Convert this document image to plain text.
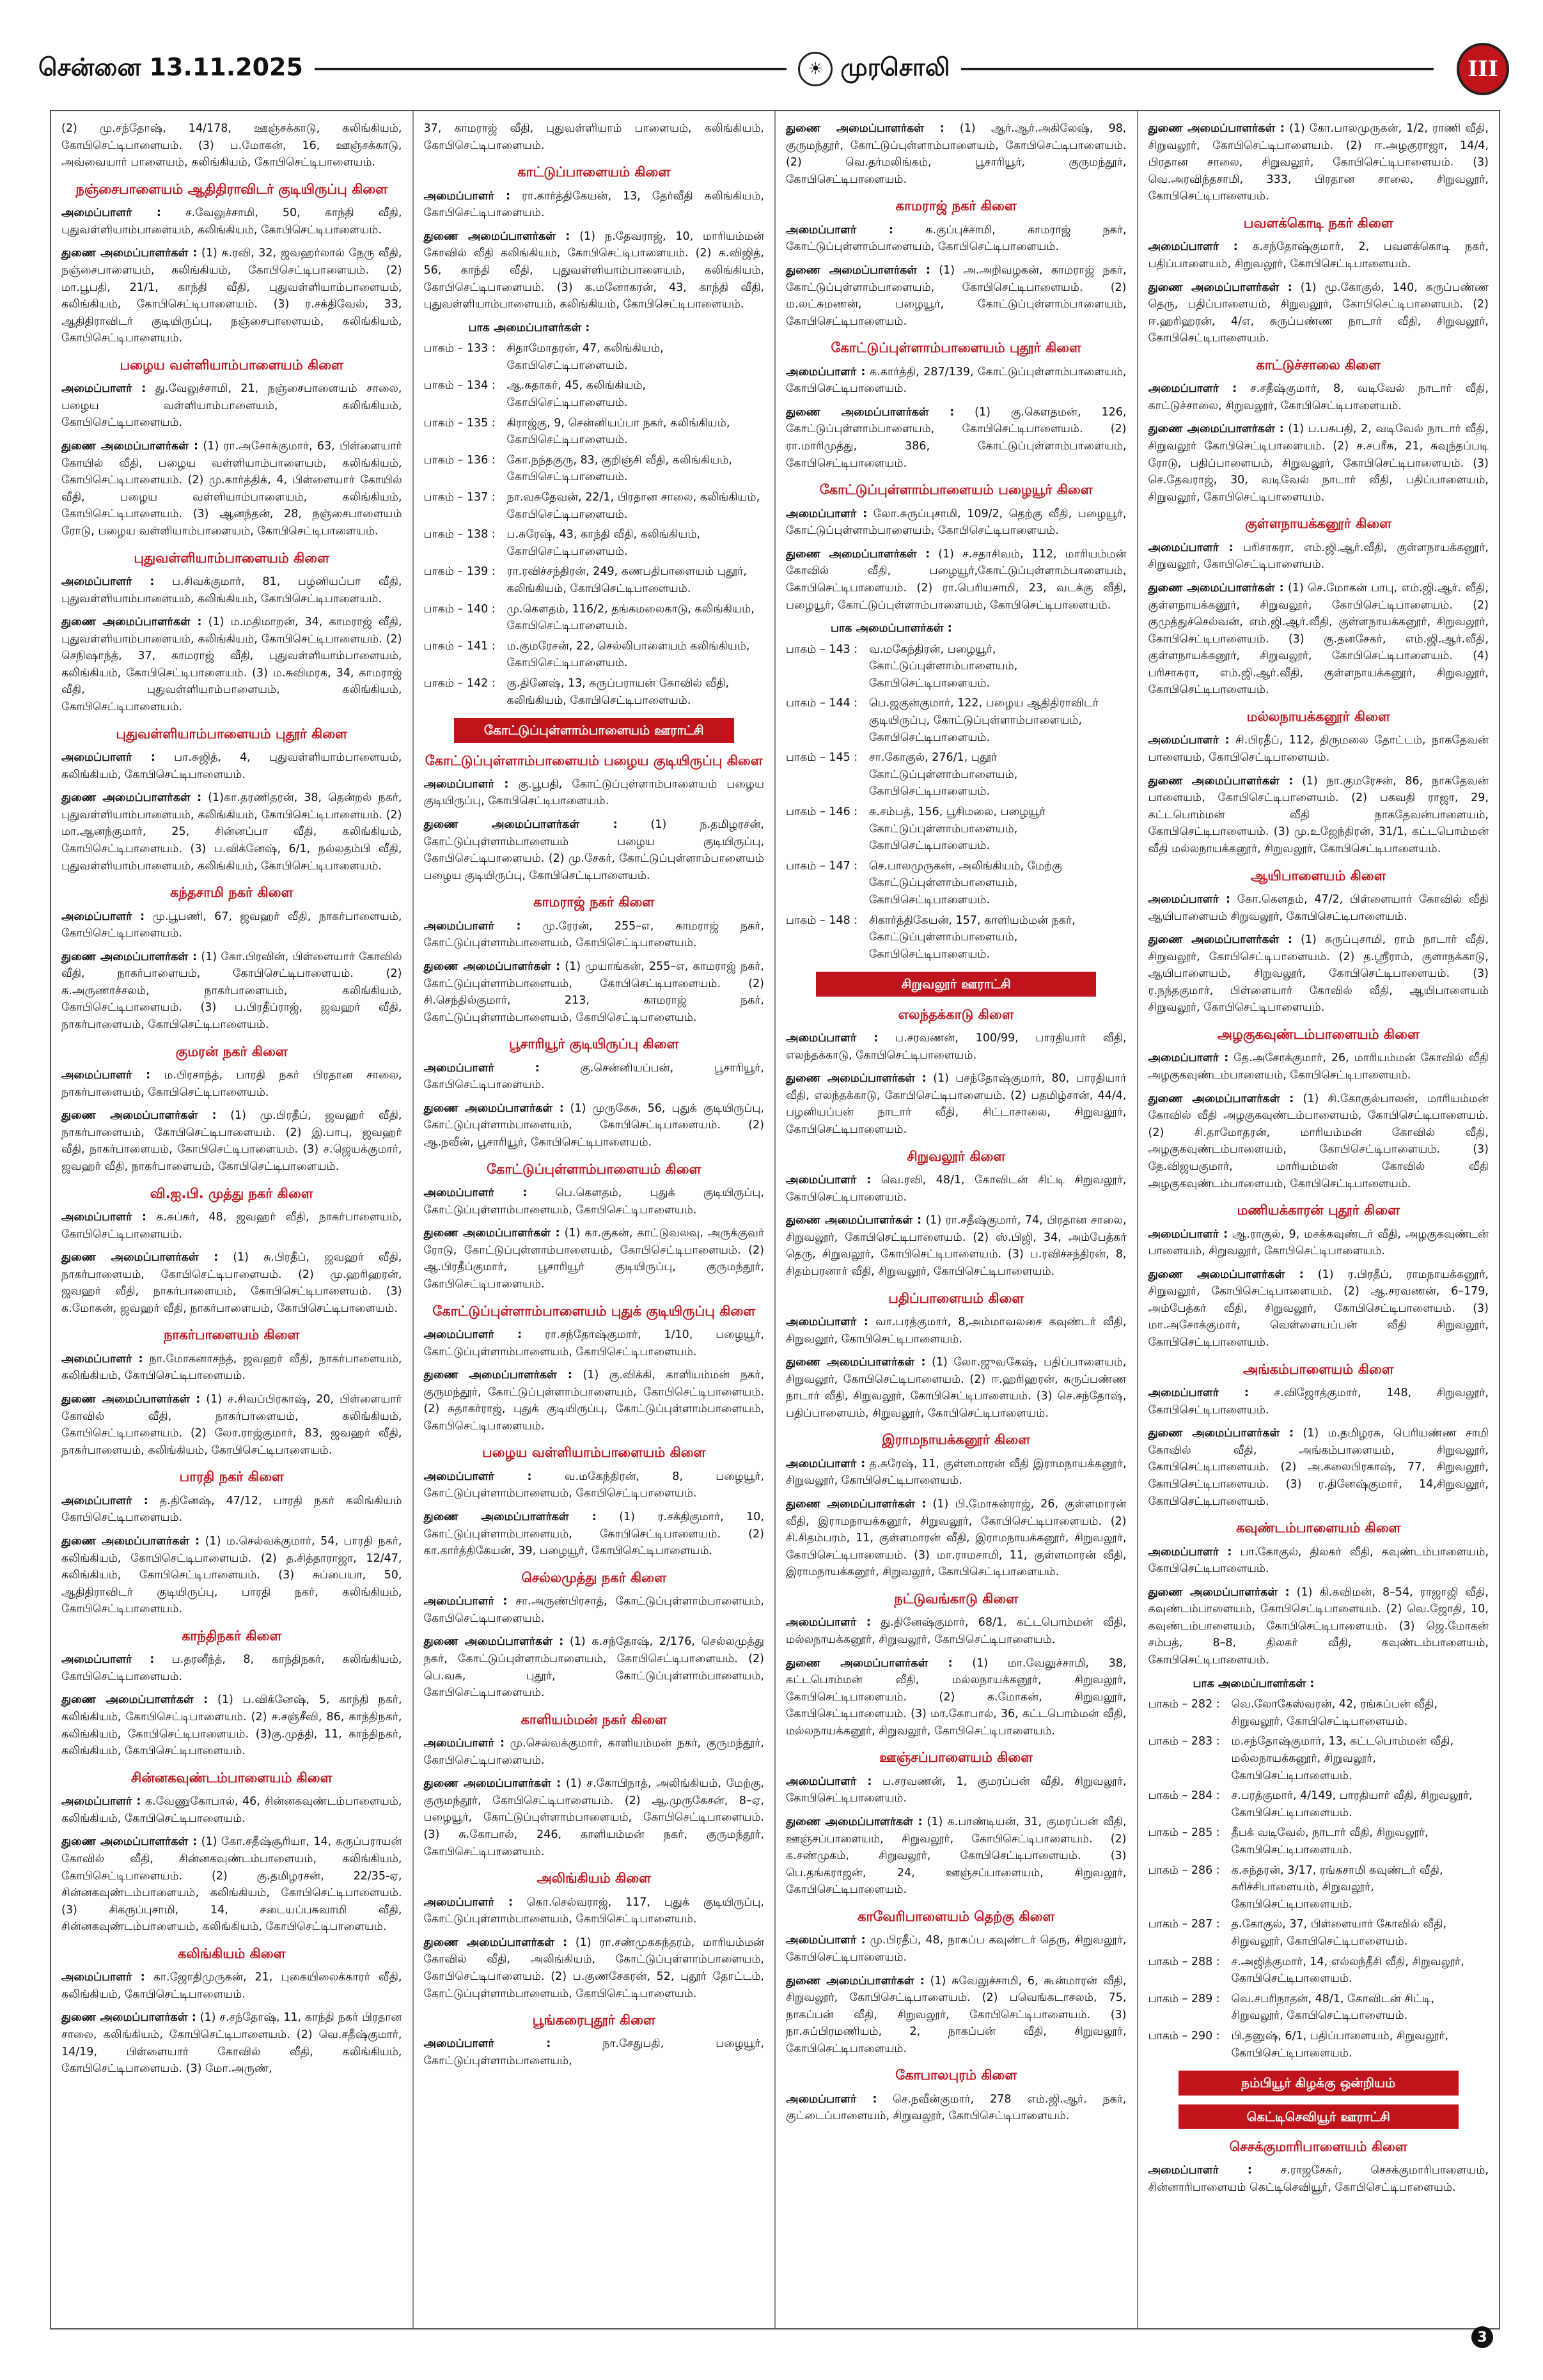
சென்னை 13.11.2025	☀ முரசொலி	III

(2) மு.சந்தோஷ், 14/178, ஊஞ்சக்காடு, கலிங்கியம், கோபிசெட்டிபாளையம். (3) ப.மோகன், 16, ஊஞ்சக்காடு, அவ்வையார் பாளையம், கலிங்கியம், கோபிசெட்டிபாளையம்.

நஞ்சைபாளையம் ஆதிதிராவிடர் குடியிருப்பு கிளை

அமைப்பாளர் : ச.வேலுச்சாமி, 50, காந்தி வீதி, புதுவள்ளியாம்பாளையம், கலிங்கியம், கோபிசெட்டிபாளையம்.

துணை அமைப்பாளர்கள் : (1) க.ரவி, 32, ஜவஹர்லால் நேரு வீதி, நஞ்சைபாளையம், கலிங்கியம், கோபிசெட்டிபாளையம். (2) மா.பூபதி, 21/1, காந்தி வீதி, புதுவள்ளியாம்பாளையம், கலிங்கியம், கோபிசெட்டிபாளையம். (3) ர.சக்திவேல், 33, ஆதிதிராவிடர் குடியிருப்பு, நஞ்சைபாளையம், கலிங்கியம், கோபிசெட்டிபாளையம்.

பழைய வள்ளியாம்பாளையம் கிளை

அமைப்பாளர் : து.வேலுச்சாமி, 21, நஞ்சைபாளையம் சாலை, பழைய வள்ளியாம்பாளையம், கலிங்கியம், கோபிசெட்டிபாளையம்.

துணை அமைப்பாளர்கள் : (1) ரா.அசோக்குமார், 63, பிள்ளையார் கோயில் வீதி, பழைய வள்ளியாம்பாளையம், கலிங்கியம், கோபிசெட்டிபாளையம். (2) மு.கார்த்திக், 4, பிள்ளையார் கோயில் வீதி, பழைய வள்ளியாம்பாளையம், கலிங்கியம், கோபிசெட்டிபாளையம். (3) ஆனந்தன், 28, நஞ்சைபாளையம் ரோடு, பழைய வள்ளியாம்பாளையம், கோபிசெட்டிபாளையம்.

புதுவள்ளியாம்பாளையம் கிளை

அமைப்பாளர் : ப.சிவக்குமார், 81, பழனியப்பா வீதி, புதுவள்ளியாம்பாளையம், கலிங்கியம், கோபிசெட்டிபாளையம்.

துணை அமைப்பாளர்கள் : (1) ம.மதிமாறன், 34, காமராஜ் வீதி, புதுவள்ளியாம்பாளையம், கலிங்கியம், கோபிசெட்டிபாளையம். (2) செநிஷாந்த், 37, காமராஜ் வீதி, புதுவள்ளியாம்பாளையம், கலிங்கியம், கோபிசெட்டிபாளையம். (3) ம.சுவிமரக, 34, காமராஜ் வீதி, புதுவள்ளியாம்பாளையம், கலிங்கியம், கோபிசெட்டிபாளையம்.

புதுவள்ளியாம்பாளையம் புதூர் கிளை

அமைப்பாளர் : பா.சுஜித், 4, புதுவள்ளியாம்பாளையம், கலிங்கியம், கோபிசெட்டிபாளையம்.

துணை அமைப்பாளர்கள் : (1)கா.தரணிதரன், 38, தென்றல் நகர், புதுவள்ளியாம்பாளையம், கலிங்கியம், கோபிசெட்டிபாளையம். (2) மா.ஆனந்குமார், 25, சின்னப்பா வீதி, கலிங்கியம், கோபிசெட்டிபாளையம். (3) ப.விக்னேஷ், 6/1, நல்லதம்பி வீதி, புதுவள்ளியாம்பாளையம், கலிங்கியம், கோபிசெட்டிபாளையம்.

கந்தசாமி நகர் கிளை

அமைப்பாளர் : மு.பூபணி, 67, ஜவஹர் வீதி, நாகர்பாளையம், கோபிசெட்டிபாளையம்.

துணை அமைப்பாளர்கள் : (1) கோ.பிரவின், பிள்ளையார் கோவில் வீதி, நாகர்பாளையம், கோபிசெட்டிபாளையம். (2) சு.அருணாச்சலம், நாகர்பாளையம், கலிங்கியம், கோபிசெட்டிபாளையம். (3) ப.பிரதீப்ராஜ், ஜவஹர் வீதி, நாகர்பாளையம், கோபிசெட்டிபாளையம்.

குமரன் நகர் கிளை

அமைப்பாளர் : ம.பிரசாந்த், பாரதி நகர் பிரதான சாலை, நாகர்பாளையம், கோபிசெட்டிபாளையம்.

துணை அமைப்பாளர்கள் : (1) மு.பிரதீப், ஜவஹர் வீதி, நாகர்பாளையம், கோபிசெட்டிபாளையம். (2) இ.பாபு, ஜவஹர் வீதி, நாகர்பாளையம், கோபிசெட்டிபாளையம். (3) ச.ஜெயக்குமார், ஜவஹர் வீதி, நாகர்பாளையம், கோபிசெட்டிபாளையம்.

வி.ஐ.பி. முத்து நகர் கிளை

அமைப்பாளர் : க.சுப்கர், 48, ஜவஹர் வீதி, நாகர்பாளையம், கோபிசெட்டிபாளையம்.

துணை அமைப்பாளர்கள் : (1) சு.பிரதீப், ஜவஹர் வீதி, நாகர்பாளையம், கோபிசெட்டிபாளையம். (2) மு.ஹரிஹரன், ஜவஹர் வீதி, நாகர்பாளையம், கோபிசெட்டிபாளையம். (3) க.மோகன், ஜவஹர் வீதி, நாகர்பாளையம், கோபிசெட்டிபாளையம்.

நாகர்பாளையம் கிளை

அமைப்பாளர் : நா.மோகனாசந்த், ஜவஹர் வீதி, நாகர்பாளையம், கலிங்கியம், கோபிசெட்டிபாளையம்.

துணை அமைப்பாளர்கள் : (1) ச.சிவப்பிரகாஷ், 20, பிள்ளையார் கோவில் வீதி, நாகர்பாளையம், கலிங்கியம், கோபிசெட்டிபாளையம். (2) லோ.ராஜ்குமார், 83, ஜவஹர் வீதி, நாகர்பாளையம், கலிங்கியம், கோபிசெட்டிபாளையம்.

பாரதி நகர் கிளை

அமைப்பாளர் : த.தினேஷ், 47/12, பாரதி நகர் கலிங்கியம் கோபிசெட்டிபாளையம்.

துணை அமைப்பாளர்கள் : (1) ம.செல்வக்குமார், 54, பாரதி நகர், கலிங்கியம், கோபிசெட்டிபாளையம். (2) த.சித்தாராஜா, 12/47, கலிங்கியம், கோபிசெட்டிபாளையம். (3) சுப்பையா, 50, ஆதிதிராவிடர் குடியிருப்பு, பாரதி நகர், கலிங்கியம், கோபிசெட்டிபாளையம்.

காந்திநகர் கிளை

அமைப்பாளர் : ப.தரனீந்த், 8, காந்திநகர், கலிங்கியம், கோபிசெட்டிபாளையம்.

துணை அமைப்பாளர்கள் : (1) ப.விக்னேஷ், 5, காந்தி நகர், கலிங்கியம், கோபிசெட்டிபாளையம். (2) ச.சஞ்சீவி, 86, காந்திநகர், கலிங்கியம், கோபிசெட்டிபாளையம். (3)கு.முத்தி, 11, காந்திநகர், கலிங்கியம், கோபிசெட்டிபாளையம்.

சின்னகவுண்டம்பாளையம் கிளை

அமைப்பாளர் : க.வேணுகோபால், 46, சின்னகவுண்டம்பாளையம், கலிங்கியம், கோபிசெட்டிபாளையம்.

துணை அமைப்பாளர்கள் : (1) கோ.சதீஷ்சூரியா, 14, சுருப்பராயன் கோவில் வீதி, சின்னகவுண்டம்பாளையம், கலிங்கியம், கோபிசெட்டிபாளையம். (2) கு.தமிழரசன், 22/35-ஏ, சின்னகவுண்டம்பாளையம், கலிங்கியம், கோபிசெட்டிபாளையம். (3) சிகருப்புசாமி, 14, சடையப்பசுவாமி வீதி, சின்னகவுண்டம்பாளையம், கலிங்கியம், கோபிசெட்டிபாளையம்.

கலிங்கியம் கிளை

அமைப்பாளர் : கா.ஜோதிமுருகன், 21, புகையிலைக்காரர் வீதி, கலிங்கியம், கோபிசெட்டிபாளையம்.

துணை அமைப்பாளர்கள் : (1) ச.சந்தோஷ், 11, காந்தி நகர் பிரதான சாலை, கலிங்கியம், கோபிசெட்டிபாளையம். (2) வெ.சதீஷ்குமார், 14/19, பிள்ளையார் கோவில் வீதி, கலிங்கியம், கோபிசெட்டிபாளையம். (3) மோ.அருண்,

37, காமராஜ் வீதி, புதுவள்ளியாம் பாளையம், கலிங்கியம், கோபிசெட்டிபாளையம்.

காட்டுப்பாளையம் கிளை

அமைப்பாளர் : ரா.கார்த்திகேயன், 13, தேர்வீதி கலிங்கியம், கோபிசெட்டிபாளையம்.

துணை அமைப்பாளர்கள் : (1) ந.தேவராஜ், 10, மாரியம்மன் கோவில் வீதி கலிங்கியம், கோபிசெட்டிபாளையம். (2) க.விஜித், 56, காந்தி வீதி, புதுவள்ளியாம்பாளையம், கலிங்கியம், கோபிசெட்டிபாளையம். (3) க.மனோகரன், 43, காந்தி வீதி, புதுவள்ளியாம்பாளையம், கலிங்கியம், கோபிசெட்டிபாளையம்.

பாக அமைப்பாளர்கள் :
பாகம் – 133 :	சிதாமோதரன், 47, கலிங்கியம், கோபிசெட்டிபாளையம்.
பாகம் – 134 :	ஆ.கதாகர், 45, கலிங்கியம், கோபிசெட்டிபாளையம்.
பாகம் – 135 :	கிராஜ்கு, 9, சென்னியப்பா நகர், கலிங்கியம், கோபிசெட்டிபாளையம்.
பாகம் – 136 :	கோ.நந்தகுரு, 83, குறிஞ்சி வீதி, கலிங்கியம், கோபிசெட்டிபாளையம்.
பாகம் – 137 :	நா.வசுதேவன், 22/1, பிரதான சாலை, கலிங்கியம், கோபிசெட்டிபாளையம்.
பாகம் – 138 :	ப.சுரேஷ், 43, காந்தி வீதி, கலிங்கியம், கோபிசெட்டிபாளையம்.
பாகம் – 139 :	ரா.ரவிச்சந்திரன், 249, கணபதிபாளையம் புதூர், கலிங்கியம், கோபிசெட்டிபாளையம்.
பாகம் – 140 :	மு.கௌதம், 116/2, தங்கமலைகாடு, கலிங்கியம், கோபிசெட்டிபாளையம்.
பாகம் – 141 :	ம.குமரேசன், 22, செல்லிபாளையம் கலிங்கியம், கோபிசெட்டிபாளையம்.
பாகம் – 142 :	கு.தினேஷ், 13, சுருப்பராயன் கோவில் வீதி, கலிங்கியம், கோபிசெட்டிபாளையம்.
கோட்டுப்புள்ளாம்பாளையம் ஊராட்சி
கோட்டுப்புள்ளாம்பாளையம் பழைய குடியிருப்பு கிளை

அமைப்பாளர் : கு.பூபதி, கோட்டுப்புள்ளாம்பாளையம் பழைய குடியிருப்பு, கோபிசெட்டிபாளையம்.

துணை அமைப்பாளர்கள் : (1) ந.தமிழரசன், கோட்டுப்புள்ளாம்பாளையம் பழைய குடியிருப்பு, கோபிசெட்டிபாளையம். (2) மு.சேகர், கோட்டுப்புள்ளாம்பாளையம் பழைய குடியிருப்பு, கோபிசெட்டிபாளையம்.

காமராஜ் நகர் கிளை

அமைப்பாளர் : மு.ரேரன், 255–எ, காமராஜ் நகர், கோட்டுப்புள்ளாம்பாளையம், கோபிசெட்டிபாளையம்.

துணை அமைப்பாளர்கள் : (1) முயாங்கன், 255–எ, காமராஜ் நகர், கோட்டுப்புள்ளாம்பாளையம், கோபிசெட்டிபாளையம். (2) சி.செந்தில்குமார், 213, காமராஜ் நகர், கோட்டுப்புள்ளாம்பாளையம், கோபிசெட்டிபாளையம்.

பூசாரியூர் குடியிருப்பு கிளை

அமைப்பாளர் : கு.சென்னியப்பன், பூசாரியூர், கோபிசெட்டிபாளையம்.

துணை அமைப்பாளர்கள் : (1) முருகேசு, 56, புதுக் குடியிருப்பு, கோட்டுப்புள்ளாம்பாளையம், கோபிசெட்டிபாளையம். (2) ஆ.நவீன், பூசாரியூர், கோபிசெட்டிபாளையம்.

கோட்டுப்புள்ளாம்பாளையம் கிளை

அமைப்பாளர் : பெ.கௌதம், புதுக் குடியிருப்பு, கோட்டுப்புள்ளாம்பாளையம், கோபிசெட்டிபாளையம்.

துணை அமைப்பாளர்கள் : (1) கா.குகன், காட்டுவலவு, அருக்குவர் ரோடு, கோட்டுப்புள்ளாம்பாளையம், கோபிசெட்டிபாளையம். (2) ஆ.பிரதீப்குமார், பூசாரியூர் குடியிருப்பு, குருமந்தூர், கோபிசெட்டிபாளையம்.

கோட்டுப்புள்ளாம்பாளையம் புதுக் குடியிருப்பு கிளை

அமைப்பாளர் : ரா.சந்தோஷ்குமார், 1/10, பழையூர், கோட்டுப்புள்ளாம்பாளையம், கோபிசெட்டிபாளையம்.

துணை அமைப்பாளர்கள் : (1) கு.விக்கி, காளியம்மன் நகர், குருமந்தூர், கோட்டுப்புள்ளாம்பாளையம், கோபிசெட்டிபாளையம். (2) சுதாகர்ராஜ், புதுக் குடியிருப்பு, கோட்டுப்புள்ளாம்பாளையம், கோபிசெட்டிபாளையம்.

பழைய வள்ளியாம்பாளையம் கிளை

அமைப்பாளர் : வ.மகேந்திரன், 8, பழையூர், கோட்டுப்புள்ளாம்பாளையம், கோபிசெட்டிபாளையம்.

துணை அமைப்பாளர்கள் : (1) ர.சக்திகுமார், 10, கோட்டுப்புள்ளாம்பாளையம், கோபிசெட்டிபாளையம். (2) கா.கார்த்திகேயன், 39, பழையூர், கோபிசெட்டிபாளையம்.

செல்லமுத்து நகர் கிளை

அமைப்பாளர் : சா.அருண்பிரசாத், கோட்டுப்புள்ளாம்பாளையம், கோபிசெட்டிபாளையம்.

துணை அமைப்பாளர்கள் : (1) க.சந்தோஷ், 2/176, செல்லமுத்து நகர், கோட்டுப்புள்ளாம்பாளையம், கோபிசெட்டிபாளையம். (2) பெ.வசு, புதூர், கோட்டுப்புள்ளாம்பாளையம், கோபிசெட்டிபாளையம்.

காளியம்மன் நகர் கிளை

அமைப்பாளர் : மு.செல்வக்குமார், காளியம்மன் நகர், குருமந்தூர், கோபிசெட்டிபாளையம்.

துணை அமைப்பாளர்கள் : (1) ச.கோபிநாத், அலிங்கியம், மேற்கு, குருமந்தூர், கோபிசெட்டிபாளையம். (2) ஆ.முருகேசன், 8–ஏ, பழையூர், கோட்டுப்புள்ளாம்பாளையம், கோபிசெட்டிபாளையம். (3) சு.கோபால், 246, காளியம்மன் நகர், குருமந்தூர், கோபிசெட்டிபாளையம்.

அலிங்கியம் கிளை

அமைப்பாளர் : கொ.செல்வராஜ், 117, புதுக் குடியிருப்பு, கோட்டுப்புள்ளாம்பாளையம், கோபிசெட்டிபாளையம்.

துணை அமைப்பாளர்கள் : (1) ரா.சண்முகசுந்தரம், மாரியம்மன் கோவில் வீதி, அலிங்கியம், கோட்டுப்புள்ளாம்பாளையம், கோபிசெட்டிபாளையம். (2) ப.குணசேகரன், 52, புதூர் தோட்டம், கோட்டுப்புள்ளாம்பாளையம், கோபிசெட்டிபாளையம்.

பூங்கரைபுதூர் கிளை

அமைப்பாளர் : நா.சேதுபதி, பழையூர், கோட்டுப்புள்ளாம்பாளையம்,

துணை அமைப்பாளர்கள் : (1) ஆர்.ஆர்.அகிலேஷ், 98, குருமந்தூர், கோட்டுப்புள்ளாம்பாளையம், கோபிசெட்டிபாளையம். (2) வெ.தர்மலிங்கம், பூசாரியூர், குருமந்தூர், கோபிசெட்டிபாளையம்.

காமராஜ் நகர் கிளை

அமைப்பாளர் : க.குப்புச்சாமி, காமராஜ் நகர், கோட்டுப்புள்ளாம்பாளையம், கோபிசெட்டிபாளையம்.

துணை அமைப்பாளர்கள் : (1) அ.அறிவழகன், காமராஜ் நகர், கோட்டுப்புள்ளாம்பாளையம், கோபிசெட்டிபாளையம். (2) ம.லட்சுமணன், பழையூர், கோட்டுப்புள்ளாம்பாளையம், கோபிசெட்டிபாளையம்.

கோட்டுப்புள்ளாம்பாளையம் புதூர் கிளை

அமைப்பாளர் : க.கார்த்தி, 287/139, கோட்டுப்புள்ளாம்பாளையம், கோபிசெட்டிபாளையம்.

துணை அமைப்பாளர்கள் : (1) கு.கௌதமன், 126, கோட்டுப்புள்ளாம்பாளையம், கோபிசெட்டிபாளையம். (2) ரா.மாரிமுத்து, 386, கோட்டுப்புள்ளாம்பாளையம், கோபிசெட்டிபாளையம்.

கோட்டுப்புள்ளாம்பாளையம் பழையூர் கிளை

அமைப்பாளர் : லோ.சுருப்புசாமி, 109/2, தெற்கு வீதி, பழையூர், கோட்டுப்புள்ளாம்பாளையம், கோபிசெட்டிபாளையம்.

துணை அமைப்பாளர்கள் : (1) ச.சதாசிவம், 112, மாரியம்மன் கோவில் வீதி, பழையூர்,கோட்டுப்புள்ளாம்பாளையம், கோபிசெட்டிபாளையம். (2) ரா.பெரியசாமி, 23, வடக்கு வீதி, பழையூர், கோட்டுப்புள்ளாம்பாளையம், கோபிசெட்டிபாளையம்.

பாக அமைப்பாளர்கள் :
பாகம் – 143 :	வ.மகேந்திரன், பழையூர், கோட்டுப்புள்ளாம்பாளையம், கோபிசெட்டிபாளையம்.
பாகம் – 144 :	பெ.ஜகுன்குமார், 122, பழைய ஆதிதிராவிடர் குடியிருப்பு, கோட்டுப்புள்ளாம்பாளையம், கோபிசெட்டிபாளையம்.
பாகம் – 145 :	சா.கோகுல், 276/1, புதூர் கோட்டுப்புள்ளாம்பாளையம், கோபிசெட்டிபாளையம்.
பாகம் – 146 :	சு.சம்பத், 156, பூசிமலை, பழையூர் கோட்டுப்புள்ளாம்பாளையம், கோபிசெட்டிபாளையம்.
பாகம் – 147 :	செ.பாலமுருகன், அலிங்கியம், மேற்கு கோட்டுப்புள்ளாம்பாளையம், கோபிசெட்டிபாளையம்.
பாகம் – 148 :	சிகார்த்திகேயன், 157, காளியம்மன் நகர், கோட்டுப்புள்ளாம்பாளையம், கோபிசெட்டிபாளையம்.
சிறுவலூர் ஊராட்சி
எலந்தக்காடு கிளை

அமைப்பாளர் : ப.சரவணன், 100/99, பாரதியார் வீதி, எலந்தக்காடு, கோபிசெட்டிபாளையம்.

துணை அமைப்பாளர்கள் : (1) பசந்தோஷ்குமார், 80, பாரதியார் வீதி, எலந்தக்காடு, கோபிசெட்டிபாளையம். (2) பதமிழ்சான், 44/4, பழனியப்பன் நாடார் வீதி, சிட்டாசாலை, சிறுவலூர், கோபிசெட்டிபாளையம்.

சிறுவலூர் கிளை

அமைப்பாளர் : வெ.ரவி, 48/1, கோவிடன் சிட்டி சிறுவலூர், கோபிசெட்டிபாளையம்.

துணை அமைப்பாளர்கள் : (1) ரா.சதீஷ்குமார், 74, பிரதான சாலை, சிறுவலூர், கோபிசெட்டிபாளையம். (2) ஸ்.பிஜி, 34, அம்பேத்கர் தெரு, சிறுவலூர், கோபிசெட்டிபாளையம். (3) ப.ரவிச்சந்திரன், 8, சிதம்பரனார் வீதி, சிறுவலூர், கோபிசெட்டிபாளையம்.

பதிப்பாளையம் கிளை

அமைப்பாளர் : வா.பரத்குமார், 8,அம்மாவலசை கவுண்டர் வீதி, சிறுவலூர், கோபிசெட்டிபாளையம்.

துணை அமைப்பாளர்கள் : (1) லோ.ஜுவகேஷ், பதிப்பாளையம், சிறுவலூர், கோபிசெட்டிபாளையம். (2) ஈ.ஹரிஹரன், சுருப்பண்ண நாடார் வீதி, சிறுவலூர், கோபிசெட்டிபாளையம். (3) செ.சந்தோஷ், பதிப்பாளையம், சிறுவலூர், கோபிசெட்டிபாளையம்.

இராமநாயக்கனூர் கிளை

அமைப்பாளர் : த.சுரேஷ், 11, குள்ளமாரன் வீதி இராமநாயக்கனூர், சிறுவலூர், கோபிசெட்டிபாளையம்.

துணை அமைப்பாளர்கள் : (1) பி.மோகன்ராஜ், 26, குள்ளமாரன் வீதி, இராமநாயக்கனூர், சிறுவலூர், கோபிசெட்டிபாளையம். (2) சி.சிதம்பரம், 11, குள்ளமாரன் வீதி, இராமநாயக்கனூர், சிறுவலூர், கோபிசெட்டிபாளையம். (3) மா.ராமசாமி, 11, குள்ளமாரன் வீதி, இராமநாயக்கனூர், சிறுவலூர், கோபிசெட்டிபாளையம்.

நட்டுவங்காடு கிளை

அமைப்பாளர் : து.தினேஷ்குமார், 68/1, கட்டபொம்மன் வீதி, மல்லநாயக்கனூர், சிறுவலூர், கோபிசெட்டிபாளையம்.

துணை அமைப்பாளர்கள் : (1) மா.வேலுச்சாமி, 38, கட்டபொம்மன் வீதி, மல்லநாயக்கனூர், சிறுவலூர், கோபிசெட்டிபாளையம். (2) க.மோகன், சிறுவலூர், கோபிசெட்டிபாளையம். (3) மா.கோபால், 36, கட்டபொம்மன் வீதி, மல்லநாயக்கனூர், சிறுவலூர், கோபிசெட்டிபாளையம்.

ஊஞ்சப்பாளையம் கிளை

அமைப்பாளர் : ப.சரவணன், 1, குமரப்பன் வீதி, சிறுவலூர், கோபிசெட்டிபாளையம்.

துணை அமைப்பாளர்கள் : (1) க.பாண்டியன், 31, குமரப்பன் வீதி, ஊஞ்சப்பாளையம், சிறுவலூர், கோபிசெட்டிபாளையம். (2) க.சண்முகம், சிறுவலூர், கோபிசெட்டிபாளையம். (3) பெ.தங்கராஜன், 24, ஊஞ்சப்பாளையம், சிறுவலூர், கோபிசெட்டிபாளையம்.

காவேரிபாளையம் தெற்கு கிளை

அமைப்பாளர் : மு.பிரதீப், 48, நாகப்ப கவுண்டர் தெரு, சிறுவலூர், கோபிசெட்டிபாளையம்.

துணை அமைப்பாளர்கள் : (1) சுவேலுச்சாமி, 6, கூன்மாரன் வீதி, சிறுவலூர், கோபிசெட்டிபாளையம். (2) பவெங்கடாசலம், 75, நாகப்பன் வீதி, சிறுவலூர், கோபிசெட்டிபாளையம். (3) நா.சுப்பிரமணியம், 2, நாகப்பன் வீதி, சிறுவலூர், கோபிசெட்டிபாளையம்.

கோபாலபுரம் கிளை

அமைப்பாளர் : செ.நவீன்குமார், 278 எம்.ஜி.ஆர். நகர், குட்டைப்பாளையம், சிறுவலூர், கோபிசெட்டிபாளையம்.

துணை அமைப்பாளர்கள் : (1) கோ.பாலமுருகன், 1/2, ராணி வீதி, சிறுவலூர், கோபிசெட்டிபாளையம். (2) ஈ.அழகுராஜா, 14/4, பிரதான சாலை, சிறுவலூர், கோபிசெட்டிபாளையம். (3) வெ.அரவிந்தசாமி, 333, பிரதான சாலை, சிறுவலூர், கோபிசெட்டிபாளையம்.

பவளக்கொடி நகர் கிளை

அமைப்பாளர் : க.சந்தோஷ்குமார், 2, பவளக்கொடி நகர், பதிப்பாளையம், சிறுவலூர், கோபிசெட்டிபாளையம்.

துணை அமைப்பாளர்கள் : (1) மூ.கோகுல், 140, சுருப்பண்ண தெரு, பதிப்பாளையம், சிறுவலூர், கோபிசெட்டிபாளையம். (2) ஈ.ஹரிஹரன், 4/எ, சுருப்பண்ண நாடார் வீதி, சிறுவலூர், கோபிசெட்டிபாளையம்.

காட்டுச்சாலை கிளை

அமைப்பாளர் : ச.சதீஷ்குமார், 8, வடிவேல் நாடார் வீதி, காட்டுச்சாலை, சிறுவலூர், கோபிசெட்டிபாளையம்.

துணை அமைப்பாளர்கள் : (1) ப.பசுபதி, 2, வடிவேல் நாடார் வீதி, சிறுவலூர் கோபிசெட்டிபாளையம். (2) ச.சபரீசு, 21, சுவுந்தப்படி ரோடு, பதிப்பாளையம், சிறுவலூர், கோபிசெட்டிபாளையம். (3) செ.தேவராஜ், 30, வடிவேல் நாடார் வீதி, பதிப்பாளையம், சிறுவலூர், கோபிசெட்டிபாளையம்.

குள்ளநாயக்கனூர் கிளை

அமைப்பாளர் : பரிசாசுரா, எம்.ஜி.ஆர்.வீதி, குள்ளநாயக்கனூர், சிறுவலூர், கோபிசெட்டிபாளையம்.

துணை அமைப்பாளர்கள் : (1) செ.மோகன் பாபு, எம்.ஜி.ஆர். வீதி, குள்ளநாயக்கனூர், சிறுவலூர், கோபிசெட்டிபாளையம். (2) குமுத்துச்செல்வன், எம்.ஜி.ஆர்.வீதி, குள்ளநாயக்கனூர், சிறுவலூர், கோபிசெட்டிபாளையம். (3) கு.தனசேகர், எம்.ஜி.ஆர்.வீதி, குள்ளநாயக்கனூர், சிறுவலூர், கோபிசெட்டிபாளையம். (4) பரிசாசுரா, எம்.ஜி.ஆர்.வீதி, குள்ளநாயக்கனூர், சிறுவலூர், கோபிசெட்டிபாளையம்.

மல்லநாயக்கனூர் கிளை

அமைப்பாளர் : சி.பிரதீப், 112, திருமலை தோட்டம், நாகதேவன் பாளையம், கோபிசெட்டிபாளையம்.

துணை அமைப்பாளர்கள் : (1) நா.குமரேசன், 86, நாகதேவன் பாளையம், கோபிசெட்டிபாளையம். (2) பகவதி ராஜா, 29, கட்டபொம்மன் வீதி நாகதேவன்பாளையம், கோபிசெட்டிபாளையம். (3) மு.உஜேந்திரன், 31/1, கட்டபொம்மன் வீதி மல்லநாயக்கனூர், சிறுவலூர், கோபிசெட்டிபாளையம்.

ஆயிபாளையம் கிளை

அமைப்பாளர் : கோ.கௌதம், 47/2, பிள்ளையார் கோவில் வீதி ஆயிபாளையம் சிறுவலூர், கோபிசெட்டிபாளையம்.

துணை அமைப்பாளர்கள் : (1) சுருப்புசாமி, ராம் நாடார் வீதி, சிறுவலூர், கோபிசெட்டிபாளையம். (2) த.ஸ்ரீராம், குளாநக்காடு, ஆயிபாளையம், சிறுவலூர், கோபிசெட்டிபாளையம். (3) ர.நந்தகுமார், பிள்ளையார் கோவில் வீதி, ஆயிபாளையம் சிறுவலூர், கோபிசெட்டிபாளையம்.

அழகுகவுண்டம்பாளையம் கிளை

அமைப்பாளர் : தே.அசோக்குமார், 26, மாரியம்மன் கோவில் வீதி அழகுகவுண்டம்பாளையம், கோபிசெட்டிபாளையம்.

துணை அமைப்பாளர்கள் : (1) சி.கோகுல்பாலன், மாரியம்மன் கோவில் வீதி அழகுகவுண்டம்பாளையம், கோபிசெட்டிபாளையம். (2) சி.தாமோதரன், மாரியம்மன் கோவில் வீதி, அழகுகவுண்டம்பாளையம், கோபிசெட்டிபாளையம். (3) தே.விஜயகுமார், மாரியம்மன் கோவில் வீதி அழகுகவுண்டம்பாளையம், கோபிசெட்டிபாளையம்.

மணியக்காரன் புதூர் கிளை

அமைப்பாளர் : ஆ.ராகுல், 9, மசக்கவுண்டர் வீதி, அழகுகவுண்டன் பாளையம், சிறுவலூர், கோபிசெட்டிபாளையம்.

துணை அமைப்பாளர்கள் : (1) ர.பிரதீப், ராமநாயக்கனூர், சிறுவலூர், கோபிசெட்டிபாளையம். (2) ஆ.சரவணன், 6–179, அம்பேத்கர் வீதி, சிறுவலூர், கோபிசெட்டிபாளையம். (3) மா.அசோக்குமார், வெள்ளையப்பன் வீதி சிறுவலூர், கோபிசெட்டிபாளையம்.

அங்கம்பாளையம் கிளை

அமைப்பாளர் : ச.விஜோத்குமார், 148, சிறுவலூர், கோபிசெட்டிபாளையம்.

துணை அமைப்பாளர்கள் : (1) ம.தமிழரசு, பெரியண்ண சாமி கோவில் வீதி, அங்கம்பாளையம், சிறுவலூர், கோபிசெட்டிபாளையம். (2) அ.கலைபிரகாஷ், 77, சிறுவலூர், கோபிசெட்டிபாளையம். (3) ர.தினேஷ்குமார், 14,சிறுவலூர், கோபிசெட்டிபாளையம்.

கவுண்டம்பாளையம் கிளை

அமைப்பாளர் : பா.கோகுல், திலகர் வீதி, கவுண்டம்பாளையம், கோபிசெட்டிபாளையம்.

துணை அமைப்பாளர்கள் : (1) கி.கவிமன், 8–54, ராஜாஜி வீதி, கவுண்டம்பாளையம், கோபிசெட்டிபாளையம். (2) வெ.ஜோதி, 10, கவுண்டம்பாளையம், கோபிசெட்டிபாளையம். (3) ஜெ.மோகன் சம்பத், 8–8, திலகர் வீதி, கவுண்டம்பாளையம், கோபிசெட்டிபாளையம்.

பாக அமைப்பாளர்கள் :
பாகம் – 282 :	வெ.லோகேஸ்வரன், 42, ரங்கப்பன் வீதி, சிறுவலூர், கோபிசெட்டிபாளையம்.
பாகம் – 283 :	ம.சந்தோஷ்குமார், 13, கட்டபொம்மன் வீதி, மல்லநாயக்கனூர், சிறுவலூர், கோபிசெட்டிபாளையம்.
பாகம் – 284 :	ச.பரத்குமார், 4/149, பாரதியார் வீதி, சிறுவலூர், கோபிசெட்டிபாளையம்.
பாகம் – 285 :	தீபக் வடிவேல், நாடார் வீதி, சிறுவலூர், கோபிசெட்டிபாளையம்.
பாகம் – 286 :	க.சுந்தரன், 3/17, ரங்கசாமி கவுண்டர் வீதி, சுரிச்சிபாளையம், சிறுவலூர், கோபிசெட்டிபாளையம்.
பாகம் – 287 :	த.கோகுல், 37, பிள்ளையார் கோவில் வீதி, சிறுவலூர், கோபிசெட்டிபாளையம்.
பாகம் – 288 :	ச.அஜித்குமார், 14, எல்லந்தீசி வீதி, சிறுவலூர், கோபிசெட்டிபாளையம்.
பாகம் – 289 :	வெ.சபரிநாதன், 48/1, கோவிடன் சிட்டி, சிறுவலூர், கோபிசெட்டிபாளையம்.
பாகம் – 290 :	பி.தனுஷ், 6/1, பதிப்பாளையம், சிறுவலூர், கோபிசெட்டிபாளையம்.
நம்பியூர் கிழக்கு ஒன்றியம்
கெட்டிசெவியூர் ஊராட்சி
செசக்குமாரிபாளையம் கிளை

அமைப்பாளர் : ச.ராஜசேகர், செசக்குமாரிபாளையம், சின்னாரிபாளையம் கெட்டிசெவியூர், கோபிசெட்டிபாளையம்.

3
